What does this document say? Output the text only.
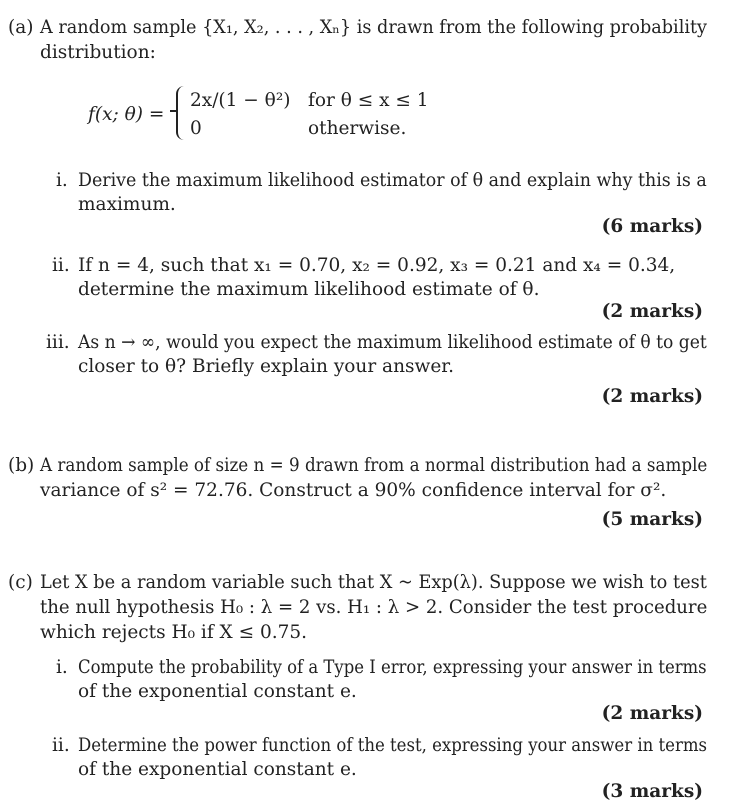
(a) A random sample {X₁, X₂, . . . , Xₙ} is drawn from the following probability
distribution:
f(x; θ) =
2x/(1 − θ²) for θ ≤ x ≤ 1
0	otherwise.
i. Derive the maximum likelihood estimator of θ and explain why this is a
maximum.
(6 marks)
ii. If n = 4, such that x₁ = 0.70, x₂ = 0.92, x₃ = 0.21 and x₄ = 0.34,
determine the maximum likelihood estimate of θ.
(2 marks)
iii. As n → ∞, would you expect the maximum likelihood estimate of θ to get
closer to θ? Briefly explain your answer.
(2 marks)
(b) A random sample of size n = 9 drawn from a normal distribution had a sample
variance of s² = 72.76. Construct a 90% confidence interval for σ².
(5 marks)
(c) Let X be a random variable such that X ~ Exp(λ). Suppose we wish to test
the null hypothesis H₀ : λ = 2 vs. H₁ : λ > 2. Consider the test procedure
which rejects H₀ if X ≤ 0.75.
i. Compute the probability of a Type I error, expressing your answer in terms
of the exponential constant e.
(2 marks)
ii. Determine the power function of the test, expressing your answer in terms
of the exponential constant e.
(3 marks)
